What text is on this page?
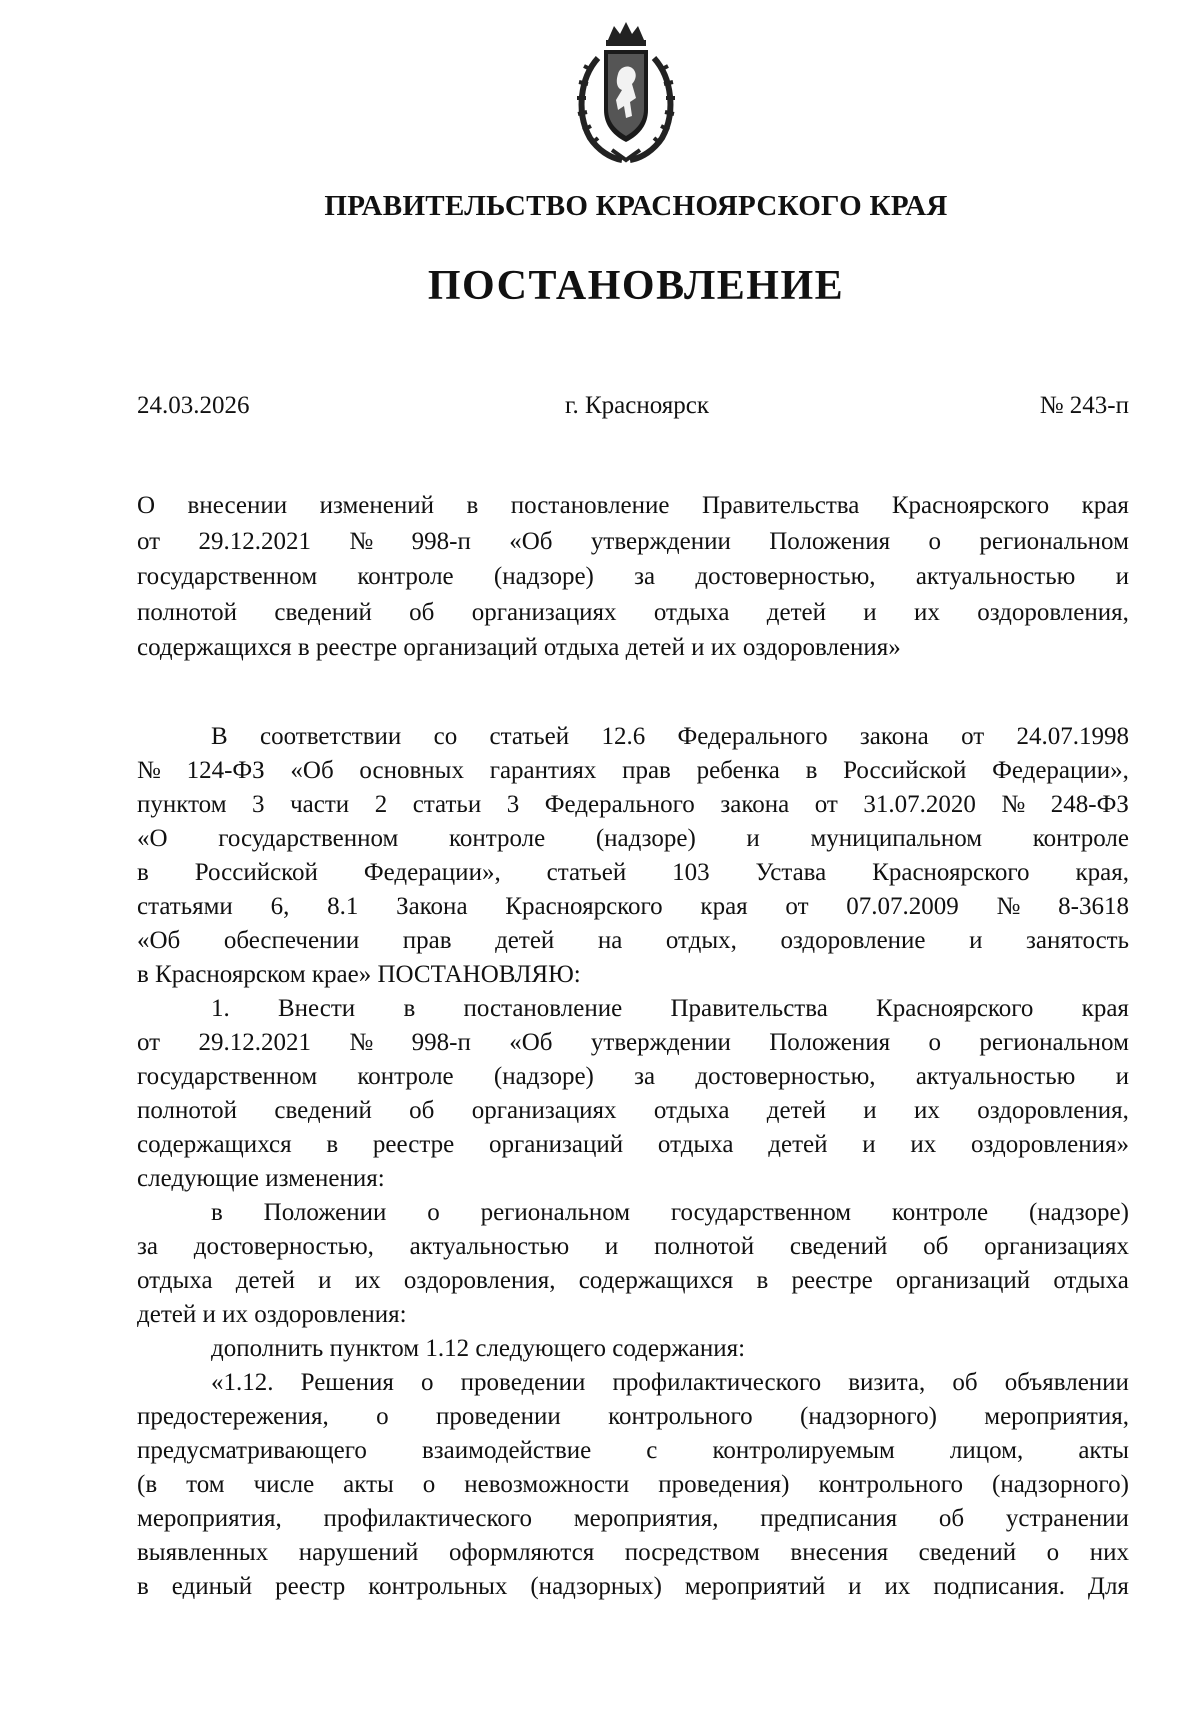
ПРАВИТЕЛЬСТВО КРАСНОЯРСКОГО КРАЯ
ПОСТАНОВЛЕНИЕ
24.03.2026	г. Красноярск	№ 243-п
О внесении изменений в постановление Правительства Красноярского края
от 29.12.2021 № 998-п «Об утверждении Положения о региональном
государственном контроле (надзоре) за достоверностью, актуальностью и
полнотой сведений об организациях отдыха детей и их оздоровления,
содержащихся в реестре организаций отдыха детей и их оздоровления»
В соответствии со статьей 12.6 Федерального закона от 24.07.1998
№ 124-ФЗ «Об основных гарантиях прав ребенка в Российской Федерации»,
пунктом 3 части 2 статьи 3 Федерального закона от 31.07.2020 № 248-ФЗ
«О государственном контроле (надзоре) и муниципальном контроле
в Российской Федерации», статьей 103 Устава Красноярского края,
статьями 6, 8.1 Закона Красноярского края от 07.07.2009 № 8-3618
«Об обеспечении прав детей на отдых, оздоровление и занятость
в Красноярском крае» ПОСТАНОВЛЯЮ:
1. Внести в постановление Правительства Красноярского края
от 29.12.2021 № 998-п «Об утверждении Положения о региональном
государственном контроле (надзоре) за достоверностью, актуальностью и
полнотой сведений об организациях отдыха детей и их оздоровления,
содержащихся в реестре организаций отдыха детей и их оздоровления»
следующие изменения:
в Положении о региональном государственном контроле (надзоре)
за достоверностью, актуальностью и полнотой сведений об организациях
отдыха детей и их оздоровления, содержащихся в реестре организаций отдыха
детей и их оздоровления:
дополнить пунктом 1.12 следующего содержания:
«1.12. Решения о проведении профилактического визита, об объявлении
предостережения, о проведении контрольного (надзорного) мероприятия,
предусматривающего взаимодействие с контролируемым лицом, акты
(в том числе акты о невозможности проведения) контрольного (надзорного)
мероприятия, профилактического мероприятия, предписания об устранении
выявленных нарушений оформляются посредством внесения сведений о них
в единый реестр контрольных (надзорных) мероприятий и их подписания. Для
